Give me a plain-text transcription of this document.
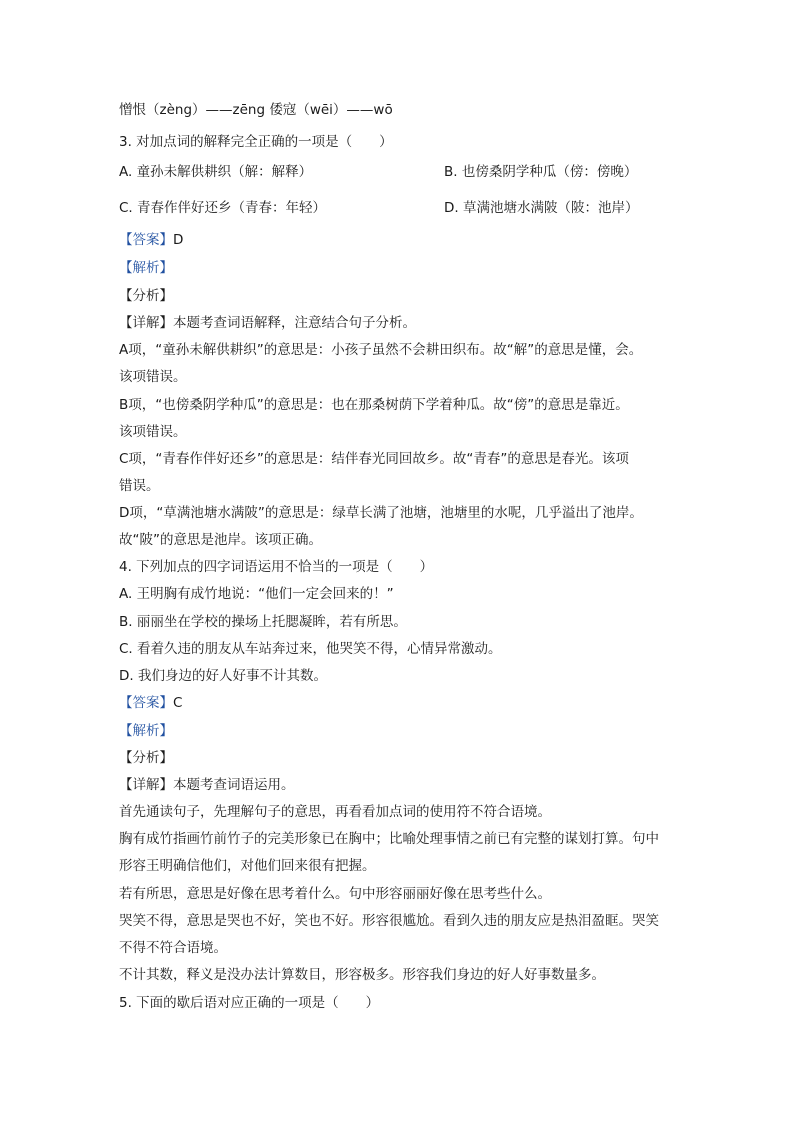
憎恨（zèng）——zēng 倭寇（wēi）——wō
3. 对加点词的解释完全正确的一项是（　　）
A. 童孙未解供耕织（解：解释）	B. 也傍桑阴学种瓜（傍：傍晚）
C. 青春作伴好还乡（青春：年轻）	D. 草满池塘水满陂（陂：池岸）
【答案】D
【解析】
【分析】
【详解】本题考查词语解释，注意结合句子分析。
A项，“童孙未解供耕织”的意思是：小孩子虽然不会耕田织布。故“解”的意思是懂，会。
该项错误。
B项，“也傍桑阴学种瓜”的意思是：也在那桑树荫下学着种瓜。故“傍”的意思是靠近。
该项错误。
C项，“青春作伴好还乡”的意思是：结伴春光同回故乡。故“青春”的意思是春光。该项
错误。
D项，“草满池塘水满陂”的意思是：绿草长满了池塘，池塘里的水呢，几乎溢出了池岸。
故“陂”的意思是池岸。该项正确。
4. 下列加点的四字词语运用不恰当的一项是（　　）
A. 王明胸有成竹地说：“他们一定会回来的！”
B. 丽丽坐在学校的操场上托腮凝眸，若有所思。
C. 看着久违的朋友从车站奔过来，他哭笑不得，心情异常激动。
D. 我们身边的好人好事不计其数。
【答案】C
【解析】
【分析】
【详解】本题考查词语运用。
首先通读句子，先理解句子的意思，再看看加点词的使用符不符合语境。
胸有成竹指画竹前竹子的完美形象已在胸中；比喻处理事情之前已有完整的谋划打算。句中
形容王明确信他们，对他们回来很有把握。
若有所思，意思是好像在思考着什么。句中形容丽丽好像在思考些什么。
哭笑不得，意思是哭也不好，笑也不好。形容很尴尬。看到久违的朋友应是热泪盈眶。哭笑
不得不符合语境。
不计其数，释义是没办法计算数目，形容极多。形容我们身边的好人好事数量多。
5. 下面的歇后语对应正确的一项是（　　）
